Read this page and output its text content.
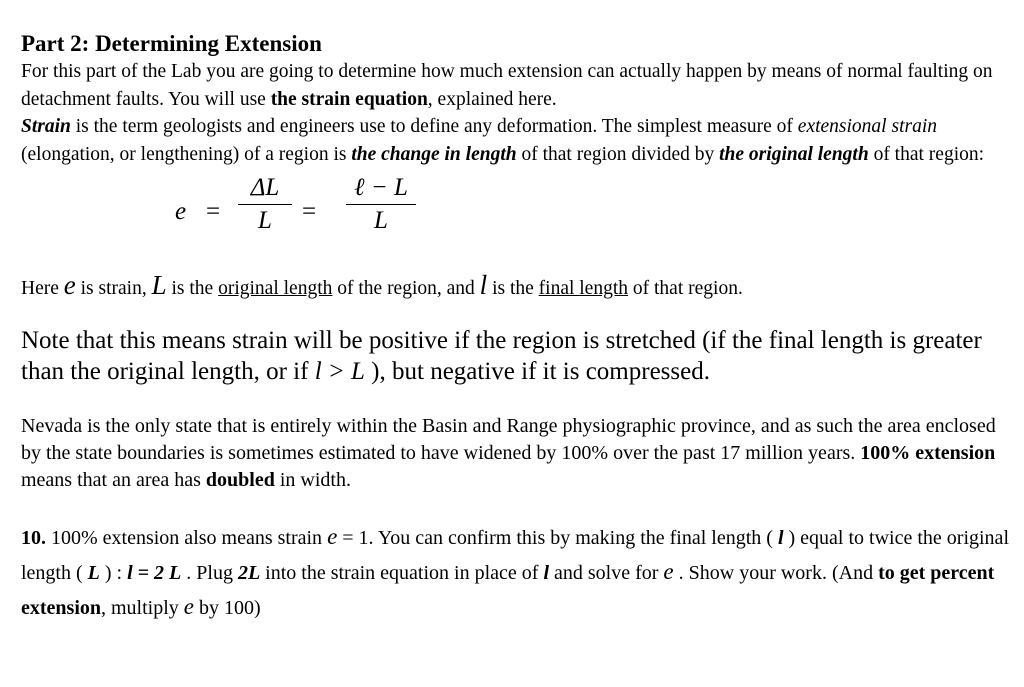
Part 2: Determining Extension

For this part of the Lab you are going to determine how much extension can actually happen by means of normal faulting on detachment faults. You will use the strain equation, explained here.
Strain is the term geologists and engineers use to define any deformation. The simplest measure of extensional strain (elongation, or lengthening) of a region is the change in length of that region divided by the original length of that region:

e =
ΔL
L	=
ℓ − L
L

Here e is strain, L is the original length of the region, and l is the final length of that region.

Note that this means strain will be positive if the region is stretched (if the final length is greater than the original length, or if l > L ), but negative if it is compressed.

Nevada is the only state that is entirely within the Basin and Range physiographic province, and as such the area enclosed by the state boundaries is sometimes estimated to have widened by 100% over the past 17 million years. 100% extension means that an area has doubled in width.

10. 100% extension also means strain e = 1. You can confirm this by making the final length ( l ) equal to twice the original length ( L ) : l = 2 L . Plug 2L into the strain equation in place of l and solve for e . Show your work. (And to get percent extension, multiply e by 100)
